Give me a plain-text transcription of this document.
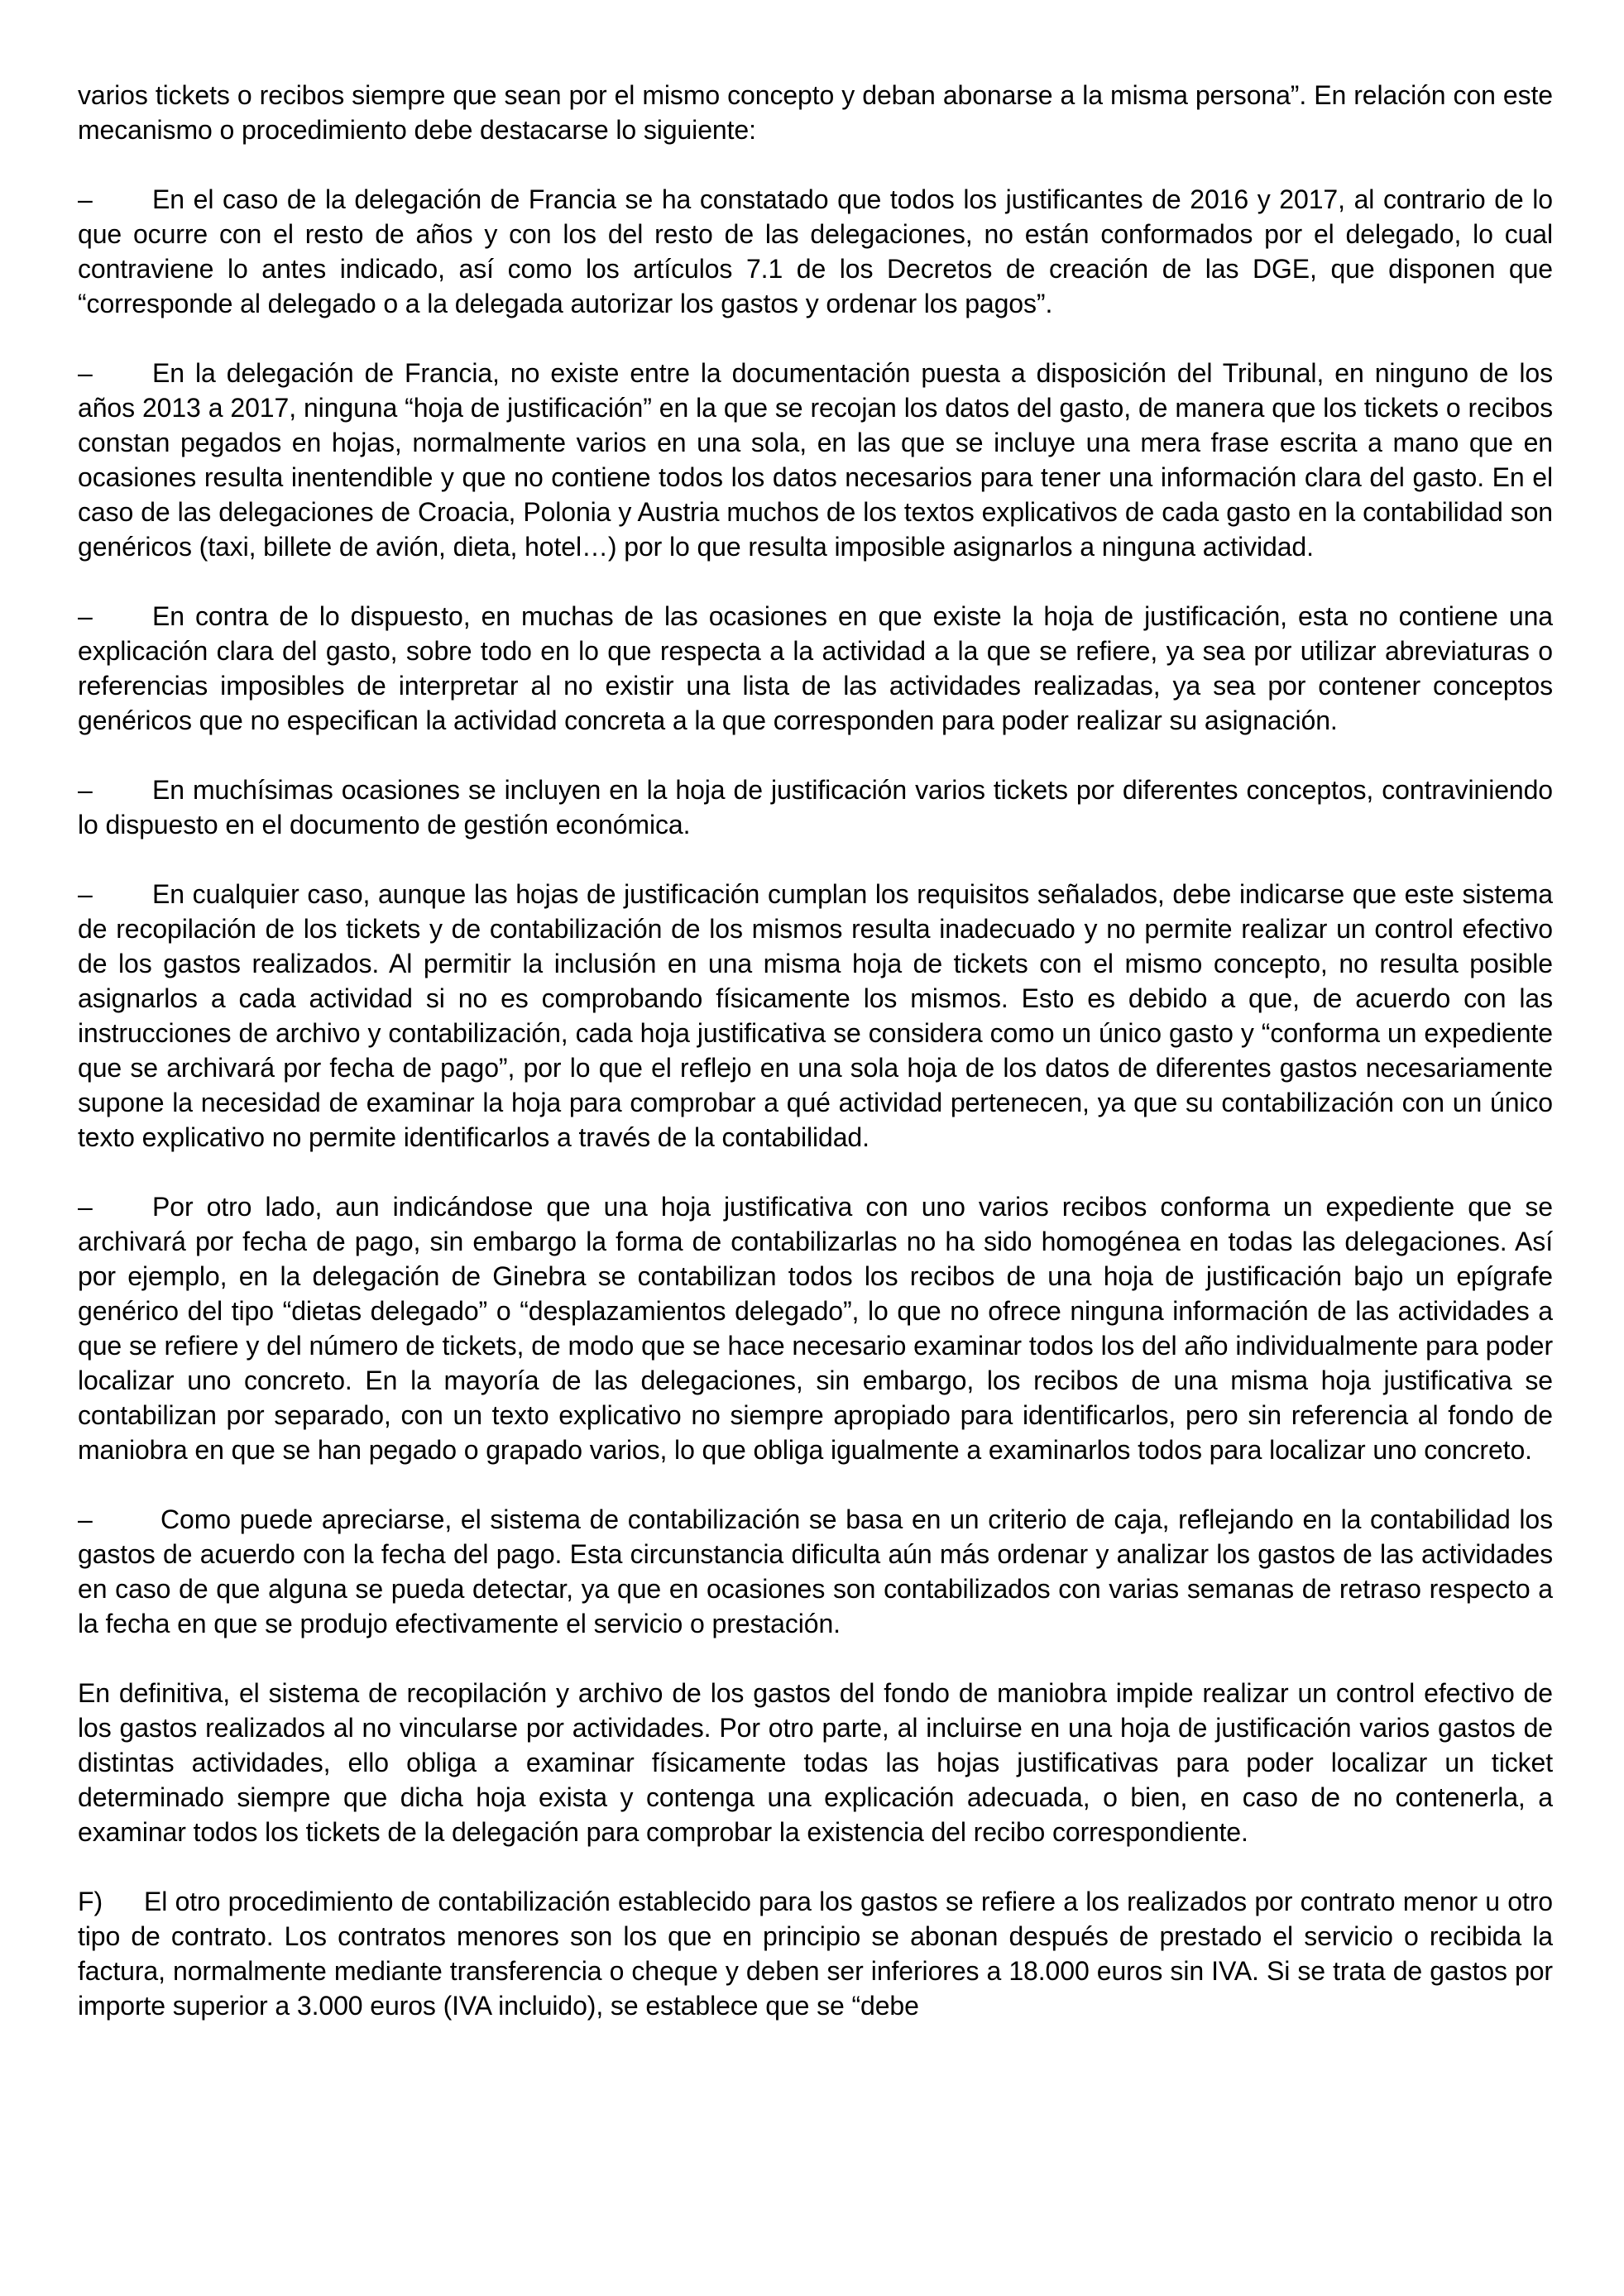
varios tickets o recibos siempre que sean por el mismo concepto y deban abonarse a la misma persona”. En relación con este mecanismo o procedimiento debe destacarse lo siguiente:

– En el caso de la delegación de Francia se ha constatado que todos los justificantes de 2016 y 2017, al contrario de lo que ocurre con el resto de años y con los del resto de las delegaciones, no están conformados por el delegado, lo cual contraviene lo antes indicado, así como los artículos 7.1 de los Decretos de creación de las DGE, que disponen que “corresponde al delegado o a la delegada autorizar los gastos y ordenar los pagos”.

– En la delegación de Francia, no existe entre la documentación puesta a disposición del Tribunal, en ninguno de los años 2013 a 2017, ninguna “hoja de justificación” en la que se recojan los datos del gasto, de manera que los tickets o recibos constan pegados en hojas, normalmente varios en una sola, en las que se incluye una mera frase escrita a mano que en ocasiones resulta inentendible y que no contiene todos los datos necesarios para tener una información clara del gasto. En el caso de las delegaciones de Croacia, Polonia y Austria muchos de los textos explicativos de cada gasto en la contabilidad son genéricos (taxi, billete de avión, dieta, hotel…) por lo que resulta imposible asignarlos a ninguna actividad.

– En contra de lo dispuesto, en muchas de las ocasiones en que existe la hoja de justificación, esta no contiene una explicación clara del gasto, sobre todo en lo que respecta a la actividad a la que se refiere, ya sea por utilizar abreviaturas o referencias imposibles de interpretar al no existir una lista de las actividades realizadas, ya sea por contener conceptos genéricos que no especifican la actividad concreta a la que corresponden para poder realizar su asignación.

– En muchísimas ocasiones se incluyen en la hoja de justificación varios tickets por diferentes conceptos, contraviniendo lo dispuesto en el documento de gestión económica.

– En cualquier caso, aunque las hojas de justificación cumplan los requisitos señalados, debe indicarse que este sistema de recopilación de los tickets y de contabilización de los mismos resulta inadecuado y no permite realizar un control efectivo de los gastos realizados. Al permitir la inclusión en una misma hoja de tickets con el mismo concepto, no resulta posible asignarlos a cada actividad si no es comprobando físicamente los mismos. Esto es debido a que, de acuerdo con las instrucciones de archivo y contabilización, cada hoja justificativa se considera como un único gasto y “conforma un expediente que se archivará por fecha de pago”, por lo que el reflejo en una sola hoja de los datos de diferentes gastos necesariamente supone la necesidad de examinar la hoja para comprobar a qué actividad pertenecen, ya que su contabilización con un único texto explicativo no permite identificarlos a través de la contabilidad.

– Por otro lado, aun indicándose que una hoja justificativa con uno varios recibos conforma un expediente que se archivará por fecha de pago, sin embargo la forma de contabilizarlas no ha sido homogénea en todas las delegaciones. Así por ejemplo, en la delegación de Ginebra se contabilizan todos los recibos de una hoja de justificación bajo un epígrafe genérico del tipo “dietas delegado” o “desplazamientos delegado”, lo que no ofrece ninguna información de las actividades a que se refiere y del número de tickets, de modo que se hace necesario examinar todos los del año individualmente para poder localizar uno concreto. En la mayoría de las delegaciones, sin embargo, los recibos de una misma hoja justificativa se contabilizan por separado, con un texto explicativo no siempre apropiado para identificarlos, pero sin referencia al fondo de maniobra en que se han pegado o grapado varios, lo que obliga igualmente a examinarlos todos para localizar uno concreto.

–	Como puede apreciarse, el sistema de contabilización se basa en un criterio de caja, reflejando en la contabilidad los gastos de acuerdo con la fecha del pago. Esta circunstancia dificulta aún más ordenar y analizar los gastos de las actividades en caso de que alguna se pueda detectar, ya que en ocasiones son contabilizados con varias semanas de retraso respecto a la fecha en que se produjo efectivamente el servicio o prestación.

En definitiva, el sistema de recopilación y archivo de los gastos del fondo de maniobra impide realizar un control efectivo de los gastos realizados al no vincularse por actividades. Por otro parte, al incluirse en una hoja de justificación varios gastos de distintas actividades, ello obliga a examinar físicamente todas las hojas justificativas para poder localizar un ticket determinado siempre que dicha hoja exista y contenga una explicación adecuada, o bien, en caso de no contenerla, a examinar todos los tickets de la delegación para comprobar la existencia del recibo correspondiente.

F) El otro procedimiento de contabilización establecido para los gastos se refiere a los realizados por contrato menor u otro tipo de contrato. Los contratos menores son los que en principio se abonan después de prestado el servicio o recibida la factura, normalmente mediante transferencia o cheque y deben ser inferiores a 18.000 euros sin IVA. Si se trata de gastos por importe superior a 3.000 euros (IVA incluido), se establece que se “debe
